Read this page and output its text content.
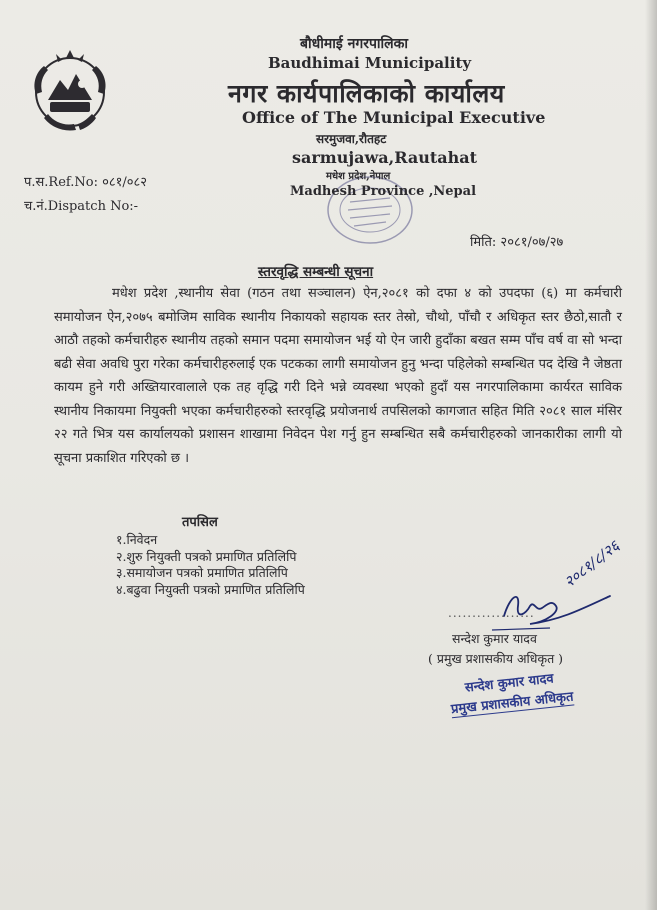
बौधीमाई नगरपालिका
Baudhimai Municipality
नगर कार्यपालिकाको कार्यालय
Office of The Municipal Executive
सरमुजवा,रौतहट
sarmujawa,Rautahat
मधेश प्रदेश,नेपाल
Madhesh Province ,Nepal
प.स.Ref.No: ०८१/०८२
च.नं.Dispatch No:-
मिति: २०८१/०७/२७
स्तरवृद्धि सम्बन्धी सूचना
मधेश प्रदेश ,स्थानीय सेवा (गठन तथा सञ्चालन) ऐन,२०८१ को दफा ४ को उपदफा (६) मा कर्मचारी समायोजन ऐन,२०७५ बमोजिम साविक स्थानीय निकायको सहायक स्तर तेस्रो, चौथो, पाँचौ र अधिकृत स्तर छैठो,सातौ र आठौ तहको कर्मचारीहरु स्थानीय तहको समान पदमा समायोजन भई यो ऐन जारी हुदाँका बखत सम्म पाँच वर्ष वा सो भन्दा बढी सेवा अवधि पुरा गरेका कर्मचारीहरुलाई एक पटकका लागी समायोजन हुनु भन्दा पहिलेको सम्बन्धित पद देखि नै जेष्ठता कायम हुने गरी अख्तियारवालाले एक तह वृद्धि गरी दिने भन्ने व्यवस्था भएको हुदाँ यस नगरपालिकामा कार्यरत साविक स्थानीय निकायमा नियुक्ती भएका कर्मचारीहरुको स्तरवृद्धि प्रयोजनार्थ तपसिलको कागजात सहित मिति २०८१ साल मंसिर २२ गते भित्र यस कार्यालयको प्रशासन शाखामा निवेदन पेश गर्नु हुन सम्बन्धित सबै कर्मचारीहरुको जानकारीका लागी यो सूचना प्रकाशित गरिएको छ ।
तपसिल
१.निवेदन
२.शुरु नियुक्ती पत्रको प्रमाणित प्रतिलिपि
३.समायोजन पत्रको प्रमाणित प्रतिलिपि
४.बढुवा नियुक्ती पत्रको प्रमाणित प्रतिलिपि	२०८१/८/२६
..................
सन्देश कुमार यादव
( प्रमुख प्रशासकीय अधिकृत )
सन्देश कुमार यादव
प्रमुख प्रशासकीय अधिकृत
